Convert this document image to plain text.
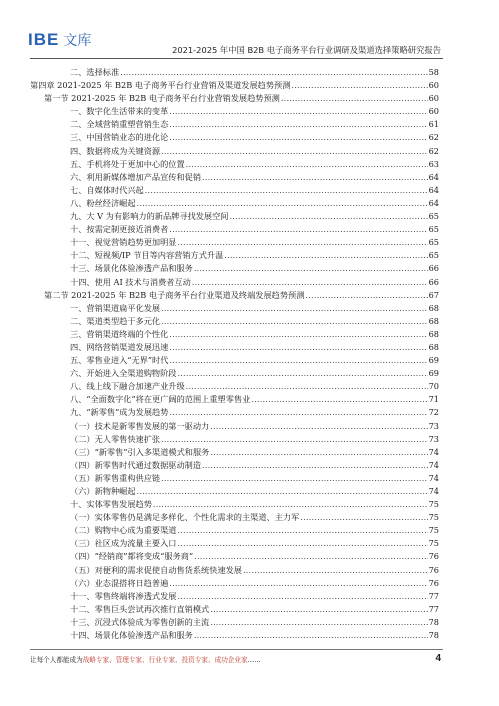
IBE 文库
2021-2025 年中国 B2B 电子商务平台行业调研及渠道选择策略研究报告
二、选择标准 .....	58
第四章 2021-2025 年 B2B 电子商务平台行业营销及渠道发展趋势预测 .....	60
第一节 2021-2025 年 B2B 电子商务平台行业营销发展趋势预测 .....	60
一、数字化生活带来的变革 .....	60
二、全域营销重塑营销生态 .....	61
三、中国营销业态的进化论 .....	62
四、数据将成为关键资源 .....	62
五、手机将处于更加中心的位置 .....	63
六、利用新媒体增加产品宣传和促销 .....	64
七、自媒体时代兴起 .....	64
八、粉丝经济崛起 .....	64
九、大 V 为有影响力的新品牌寻找发展空间 .....	65
十、按需定制更接近消费者 .....	65
十一、视觉营销趋势更加明显 .....	65
十二、短视频/IP 节目等内容营销方式升温 .....	65
十三、场景化体验渗透产品和服务 .....	66
十四、使用 AI 技术与消费者互动 .....	66
第二节 2021-2025 年 B2B 电子商务平台行业渠道及终端发展趋势预测 .....	67
一、营销渠道扁平化发展 .....	68
二、渠道类型趋于多元化 .....	68
三、营销渠道终端的个性化 .....	68
四、网络营销渠道发展迅速 .....	68
五、零售业进入“无界”时代 .....	69
六、开始进入全渠道购物阶段 .....	69
八、线上线下融合加速产业升级 .....	70
八、“全面数字化”将在更广阔的范围上重塑零售业 .....	71
九、“新零售”成为发展趋势 .....	72
（一）技术是新零售发展的第一驱动力 .....	73
（二）无人零售快速扩张 .....	73
（三）“新零售”引入多渠道模式和服务 .....	74
（四）新零售时代通过数据驱动制造 .....	74
（五）新零售重构供应链 .....	74
（六）新物种崛起 .....	74
十、实体零售发展趋势 .....	75
（一）实体零售仍是满足多样化、个性化需求的主渠道、主力军 .....	75
（二）购物中心成为重要渠道 .....	75
（三）社区成为流量主要入口 .....	75
（四）“经销商”都将变成“服务商” .....	76
（五）对便利的需求促使自动售货系统快速发展 .....	76
（六）业态混搭将日趋普遍 .....	76
十一、零售终端将渗透式发展 .....	77
十二、零售巨头尝试再次推行直销模式 .....	77
十三、沉浸式体验成为零售创新的主流 .....	78
十四、场景化体验渗透产品和服务 .....	78
让每个人都能成为战略专家、管理专家、行业专家、投资专家、成功企业家……	4
